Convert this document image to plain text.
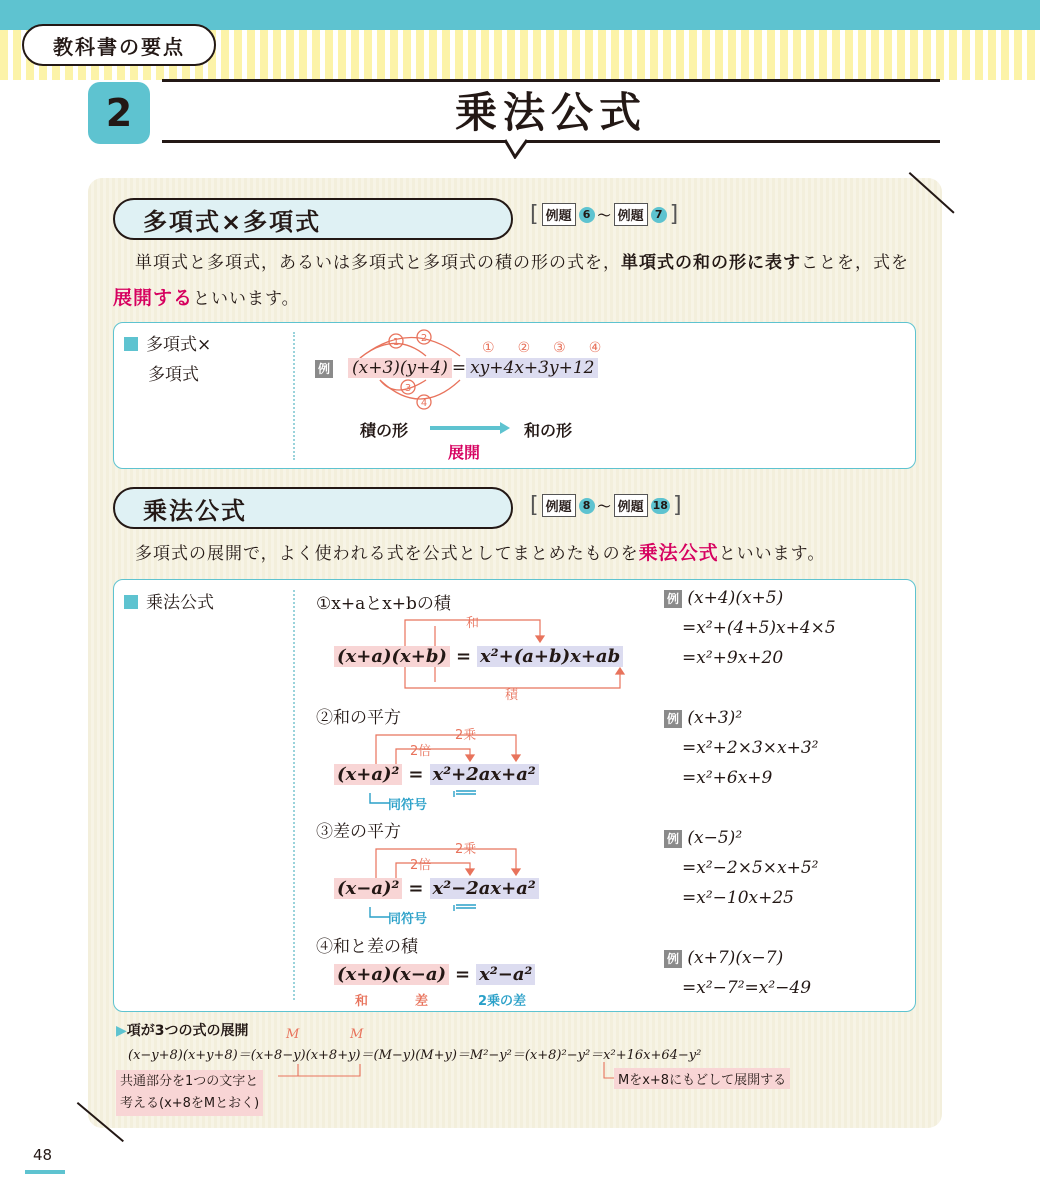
教科書の要点
2	乗法公式
多項式×多項式	[ 例題	6 ～ 例題	7 ]
単項式と多項式，あるいは多項式と多項式の積の形の式を，単項式の和の形に表すことを，式を
展開するといいます。
多項式×
多項式	例
1 2
3
4
(x+3)(y+4) = xy+4x+3y+12
① ② ③ ④
積の形	和の形
展開
乗法公式	[ 例題	8 ～ 例題 18 ]
多項式の展開で，よく使われる式を公式としてまとめたものを乗法公式といいます。
乗法公式	①x+aとx+bの積
和
積
(x+a)(x+b) = x²+(a+b)x+ab
②和の平方
2乗
2倍
(x+a)² = x²+2ax+a²
同符号
③差の平方
2乗
2倍
(x−a)² = x²−2ax+a²
同符号
④和と差の積
(x+a)(x−a) = x²−a²
和	差	2乗の差
例 (x+4)(x+5)
=x²+(4+5)x+4×5
=x²+9x+20
例 (x+3)²
=x²+2×3×x+3²
=x²+6x+9
例 (x−5)²
=x²−2×5×x+5²
=x²−10x+25
例 (x+7)(x−7)
=x²−7²=x²−49
▶項が3つの式の展開	M	M
(x−y+8)(x+y+8)＝(x+8−y)(x+8+y)＝(M−y)(M+y)＝M²−y²＝(x+8)²−y²＝x²+16x+64−y²
共通部分を1つの文字と
考える(x+8をMとおく)
Mをx+8にもどして展開する
48
